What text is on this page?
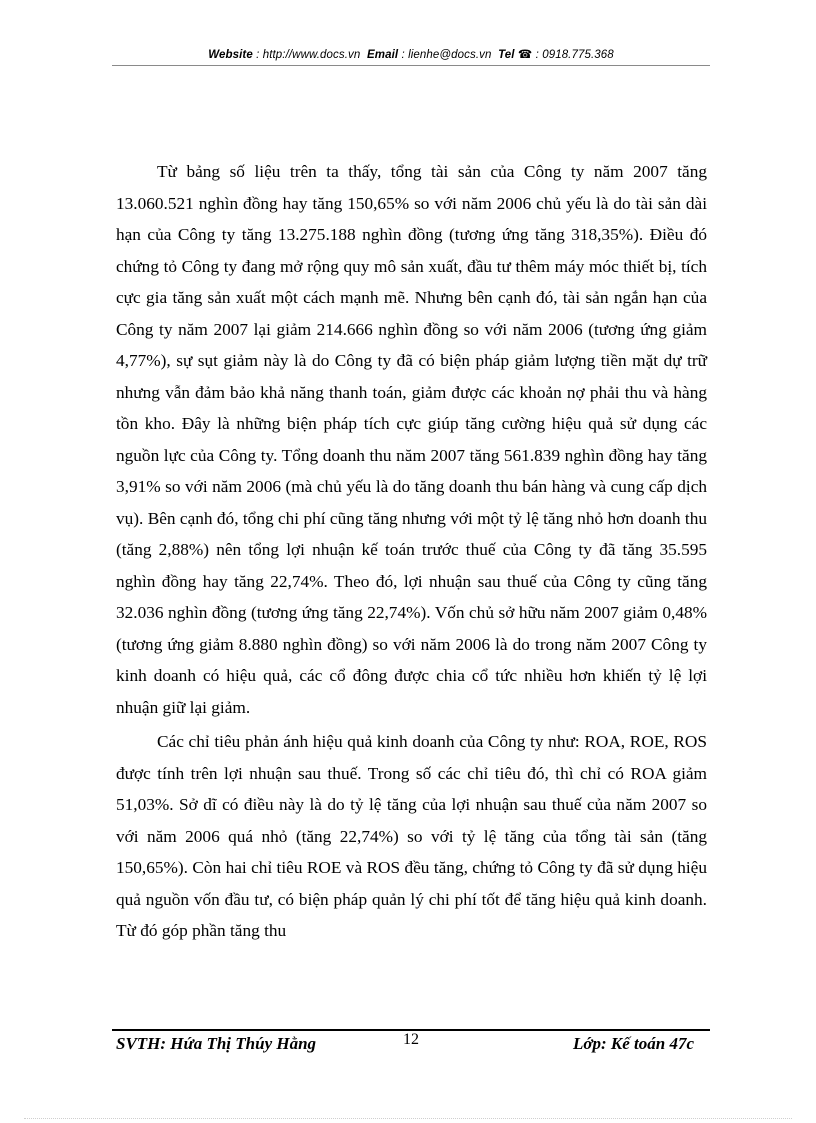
Website : http://www.docs.vn Email : lienhe@docs.vn Tel ☎ : 0918.775.368

Từ bảng số liệu trên ta thấy, tổng tài sản của Công ty năm 2007 tăng 13.060.521 nghìn đồng hay tăng 150,65% so với năm 2006 chủ yếu là do tài sản dài hạn của Công ty tăng 13.275.188 nghìn đồng (tương ứng tăng 318,35%). Điều đó chứng tỏ Công ty đang mở rộng quy mô sản xuất, đầu tư thêm máy móc thiết bị, tích cực gia tăng sản xuất một cách mạnh mẽ. Nhưng bên cạnh đó, tài sản ngắn hạn của Công ty năm 2007 lại giảm 214.666 nghìn đồng so với năm 2006 (tương ứng giảm 4,77%), sự sụt giảm này là do Công ty đã có biện pháp giảm lượng tiền mặt dự trữ nhưng vẫn đảm bảo khả năng thanh toán, giảm được các khoản nợ phải thu và hàng tồn kho. Đây là những biện pháp tích cực giúp tăng cường hiệu quả sử dụng các nguồn lực của Công ty. Tổng doanh thu năm 2007 tăng 561.839 nghìn đồng hay tăng 3,91% so với năm 2006 (mà chủ yếu là do tăng doanh thu bán hàng và cung cấp dịch vụ). Bên cạnh đó, tổng chi phí cũng tăng nhưng với một tỷ lệ tăng nhỏ hơn doanh thu (tăng 2,88%) nên tổng lợi nhuận kế toán trước thuế của Công ty đã tăng 35.595 nghìn đồng hay tăng 22,74%. Theo đó, lợi nhuận sau thuế của Công ty cũng tăng 32.036 nghìn đồng (tương ứng tăng 22,74%). Vốn chủ sở hữu năm 2007 giảm 0,48% (tương ứng giảm 8.880 nghìn đồng) so với năm 2006 là do trong năm 2007 Công ty kinh doanh có hiệu quả, các cổ đông được chia cổ tức nhiều hơn khiến tỷ lệ lợi nhuận giữ lại giảm.

Các chỉ tiêu phản ánh hiệu quả kinh doanh của Công ty như: ROA, ROE, ROS được tính trên lợi nhuận sau thuế. Trong số các chỉ tiêu đó, thì chỉ có ROA giảm 51,03%. Sở dĩ có điều này là do tỷ lệ tăng của lợi nhuận sau thuế của năm 2007 so với năm 2006 quá nhỏ (tăng 22,74%) so với tỷ lệ tăng của tổng tài sản (tăng 150,65%). Còn hai chỉ tiêu ROE và ROS đều tăng, chứng tỏ Công ty đã sử dụng hiệu quả nguồn vốn đầu tư, có biện pháp quản lý chi phí tốt để tăng hiệu quả kinh doanh. Từ đó góp phần tăng thu

SVTH: Hứa Thị Thúy Hằng	12	Lớp: Kế toán 47c
